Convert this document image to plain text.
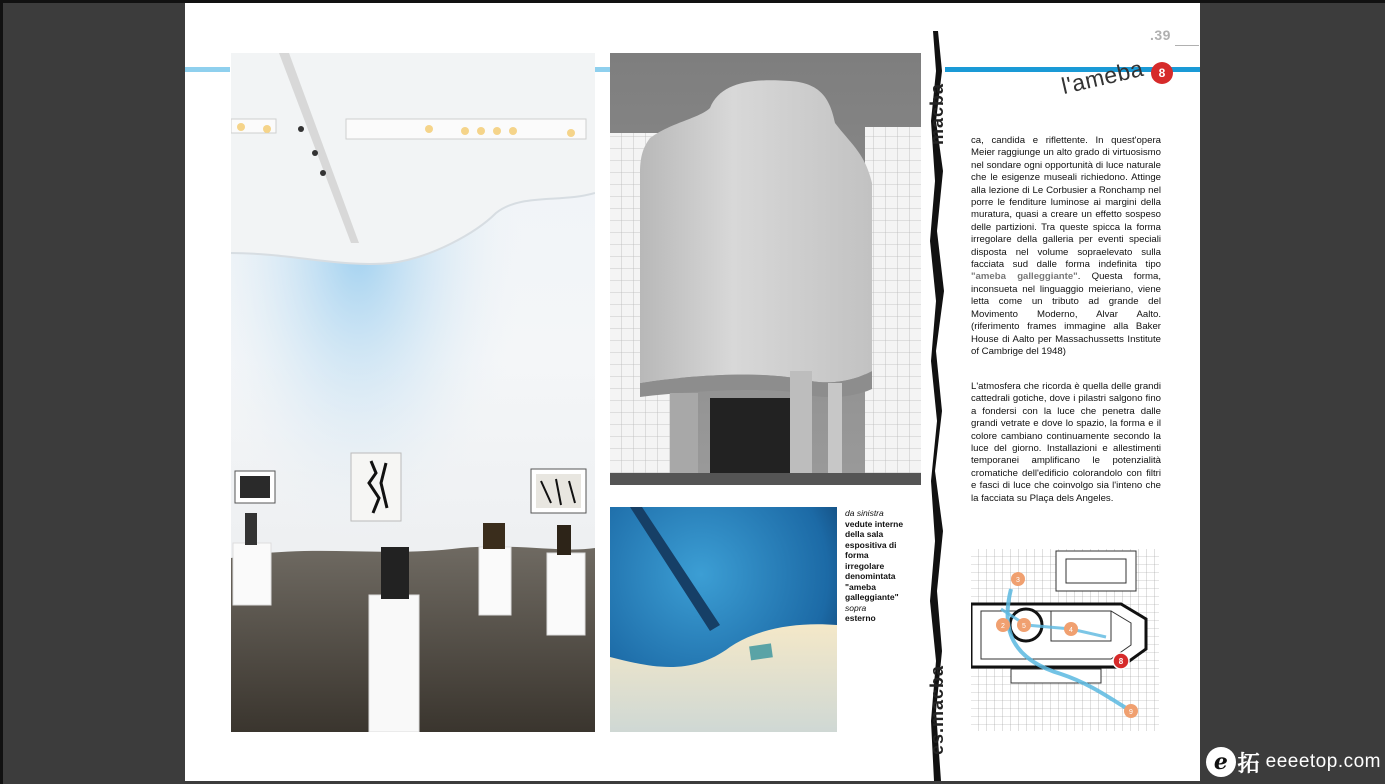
macba
es.macba
.39
8
l'ameba
ca, candida e riflettente. In quest'opera Meier raggiunge un alto grado di virtuosismo nel sondare ogni opportunità di luce naturale che le esigenze museali richiedono. Attinge alla lezione di Le Corbusier a Ronchamp nel porre le fenditure luminose ai margini della muratura, quasi a creare un effetto sospeso delle partizioni. Tra queste spicca la forma irregolare della galleria per eventi speciali disposta nel volume sopraelevato sulla facciata sud dalle forma indefinita tipo "ameba galleggiante". Questa forma, inconsueta nel linguaggio meieriano, viene letta come un tributo ad grande del Movimento Moderno, Alvar Aalto. (riferimento frames immagine alla Baker House di Aalto per Massachussetts Institute of Cambrige del 1948)
L'atmosfera che ricorda è quella delle grandi cattedrali gotiche, dove i pilastri salgono fino a fondersi con la luce che penetra dalle grandi vetrate e dove lo spazio, la forma e il colore cambiano continuamente secondo la luce del giorno. Installazioni e allestimenti temporanei amplificano le potenzialità cromatiche dell'edificio colorandolo con filtri e fasci di luce che coinvolgo sia l'inteno che la facciata su Plaça dels Angeles.
da sinistra
vedute interne della sala espositiva di forma irregolare denomintata "ameba galleggiante"
sopra
esterno
3
2 5
4
8
9
e 拓 eeeetop.com
